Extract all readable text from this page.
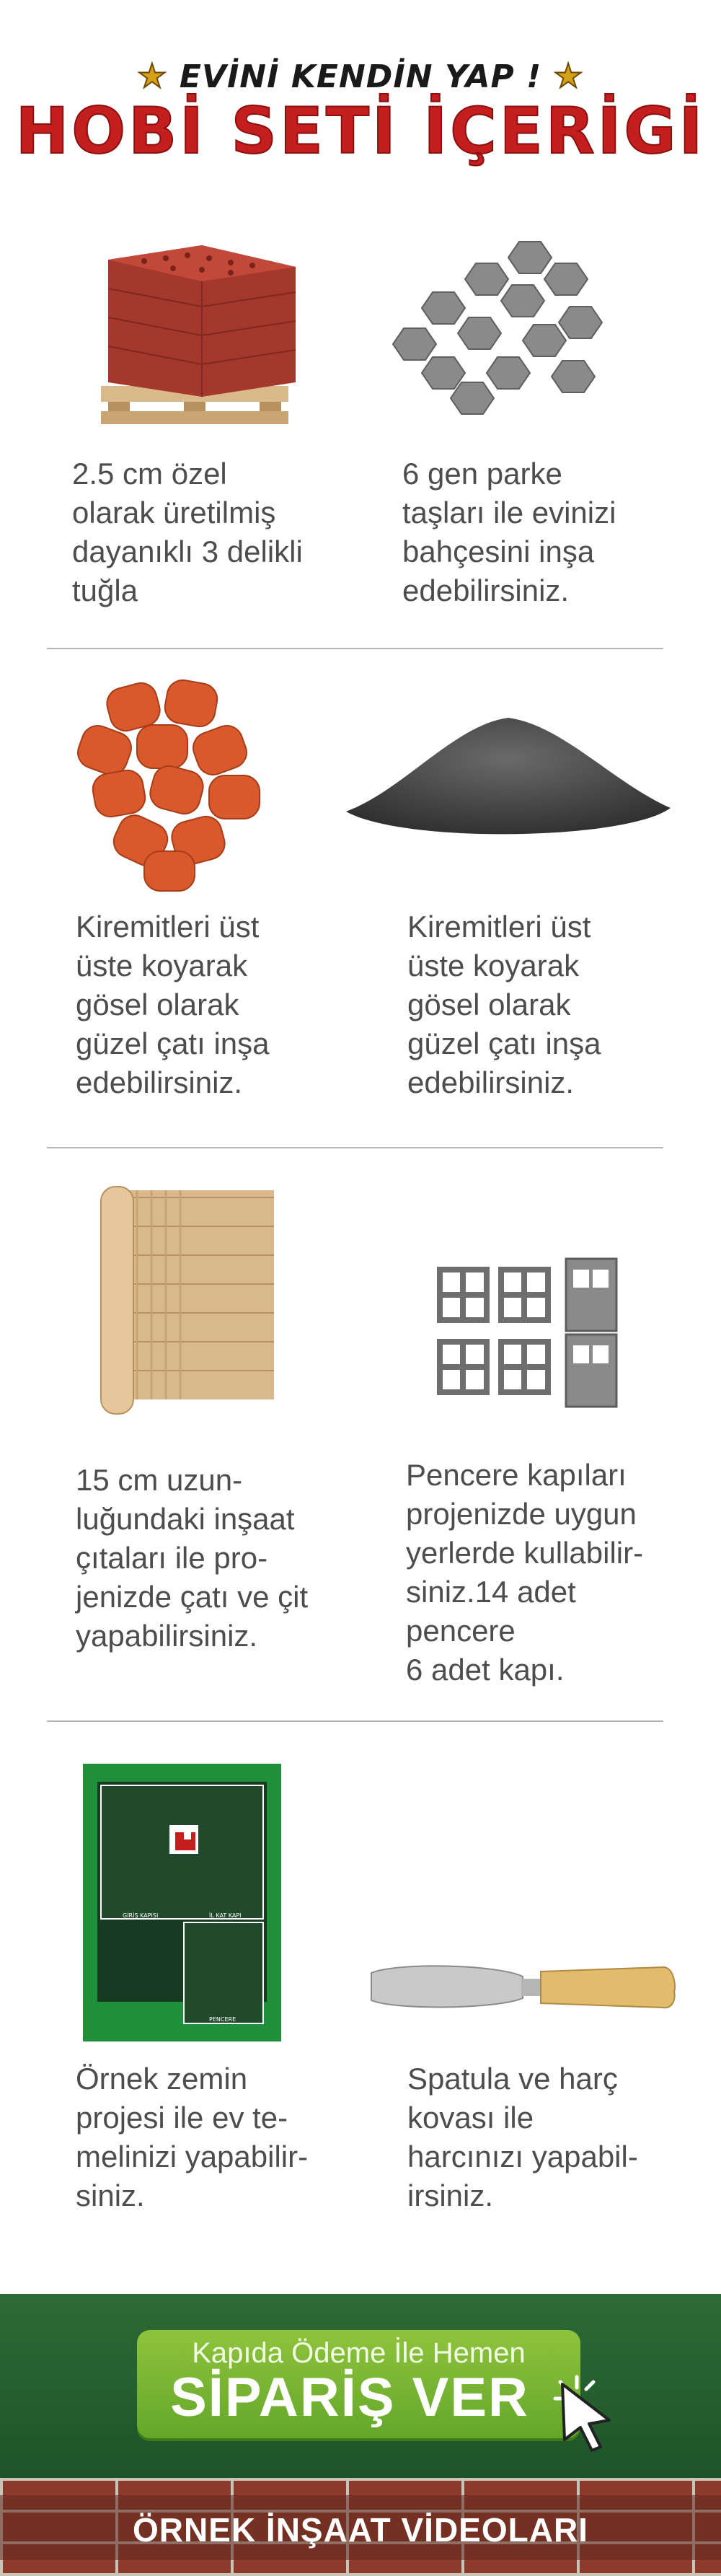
★ EVİNİ KENDİN YAP ! ★
HOBİ SETİ İÇERİGİ
2.5 cm özel
olarak üretilmiş
dayanıklı 3 delikli
tuğla
6 gen parke
taşları ile evinizi
bahçesini inşa
edebilirsiniz.
Kiremitleri üst
üste koyarak
gösel olarak
güzel çatı inşa
edebilirsiniz.
Kiremitleri üst
üste koyarak
gösel olarak
güzel çatı inşa
edebilirsiniz.
15 cm uzun-
luğundaki inşaat
çıtaları ile pro-
jenizde çatı ve çit
yapabilirsiniz.
Pencere kapıları
projenizde uygun
yerlerde kullabilir-
siniz.14 adet
pencere
6 adet kapı.
GİRİŞ KAPISI	İL KAT KAPI
PENCERE
Örnek zemin
projesi ile ev te-
melinizi yapabilir-
siniz.
Spatula ve harç
kovası ile
harcınızı yapabil-
irsiniz.
Kapıda Ödeme İle Hemen
SİPARİŞ VER
ÖRNEK İNŞAAT VİDEOLARI
